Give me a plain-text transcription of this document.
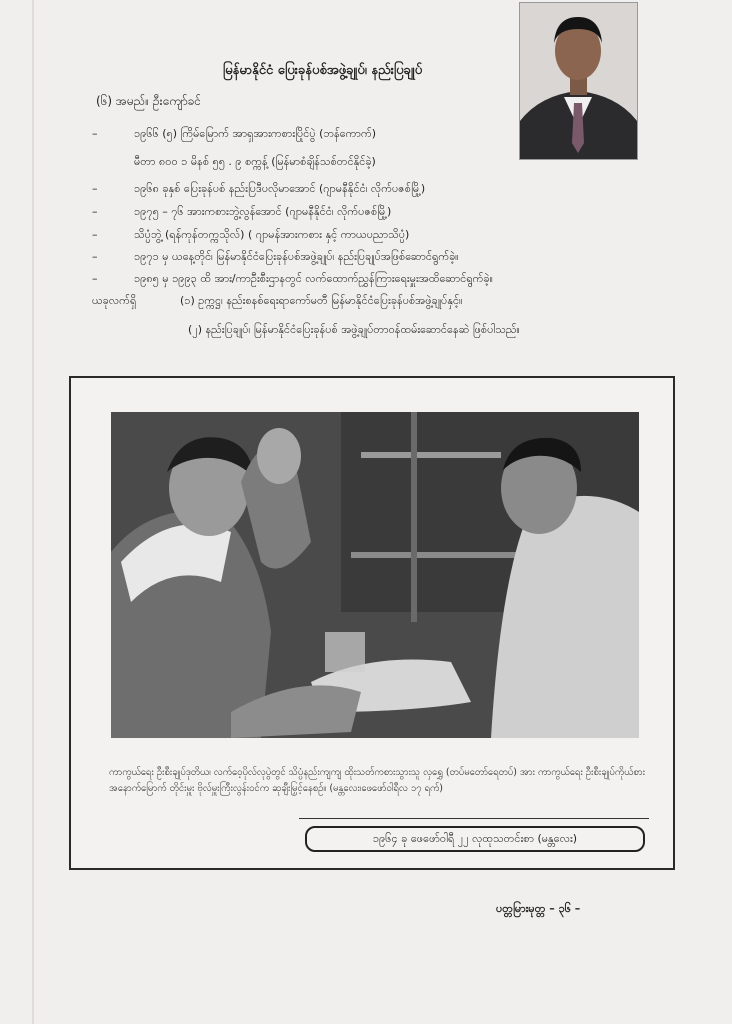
မြန်မာနိုင်ငံ ပြေးခုန်ပစ်အဖွဲ့ချုပ်၊ နည်းပြချုပ်
(၆) အမည်။ ဦးကျော်ခင်
–	၁၉၆၆ (၅) ကြိမ်မြောက် အာရှအားကစားပြိုင်ပွဲ (ဘန်ကောက်)
မီတာ ၈၀၀ ၁ မိနစ် ၅၅ . ၉ စက္ကန့် (မြန်မာစံချိန်သစ်တင်နိုင်ခဲ့)
–	၁၉၆၈ ခုနှစ် ပြေးခုန်ပစ် နည်းပြဒီပလိုမာအောင် (ဂျာမနီနိုင်ငံ၊ လိုက်ပဇစ်မြို့)
–	၁၉၇၅ – ၇၆ အားကစားဘွဲ့လွန်အောင် (ဂျာမနီနိုင်ငံ၊ လိုက်ပဇစ်မြို့)
–	သိပ္ပံဘွဲ့ (ရန်ကုန်တက္ကသိုလ်) ( ဂျာမန်အားကစား နှင့် ကာယပညာသိပ္ပံ)
–	၁၉၇၁ မှ ယနေ့တိုင်၊ မြန်မာနိုင်ငံပြေးခုန်ပစ်အဖွဲ့ချုပ်၊ နည်းပြချုပ်အဖြစ်ဆောင်ရွက်ခဲ့။
–	၁၉၈၅ မှ ၁၉၉၃ ထိ အား/ကာဦးစီးဌာနတွင် လက်ထောက်ညွှန်ကြားရေးမှူးအထိဆောင်ရွက်ခဲ့။
ယခုလက်ရှိ	(၁) ဥက္ကဋ္ဌ၊ နည်းစနစ်ရေးရာကော်မတီ မြန်မာနိုင်ငံပြေးခုန်ပစ်အဖွဲ့ချုပ်နှင့်။
(၂) နည်းပြချုပ်၊ မြန်မာနိုင်ငံပြေးခုန်ပစ် အဖွဲ့ချုပ်တာဝန်ထမ်းဆောင်နေဆဲ ဖြစ်ပါသည်။
ကာကွယ်ရေး ဦးစီးချုပ်ဒုတိယ၊ လက်ဝေ့ပိုလ်လုပွဲတွင် သိပ္ပံနည်းကျကျ ထိုးသတ်ကစားသွားသူ လှရွှေ (တပ်မတော်ရေတပ်) အား ကာကွယ်ရေး ဦးစီးချုပ်ကိုယ်စား အနောက်မြောက် တိုင်းမှူး ဗိုလ်မှူးကြီးလွန်းဝင်က ဆုချီးမြှင့်နေစဉ်။ (မန္တလေး၊ဖေဖော်ဝါရီလ ၁၇ ရက်)
၁၉၆၄ ခု ဖေဖော်ဝါရီ ၂၂ လုထုသတင်းစာ (မန္တလေး)
ပတ္တမြားမုတ္တ – ၃၆ –
